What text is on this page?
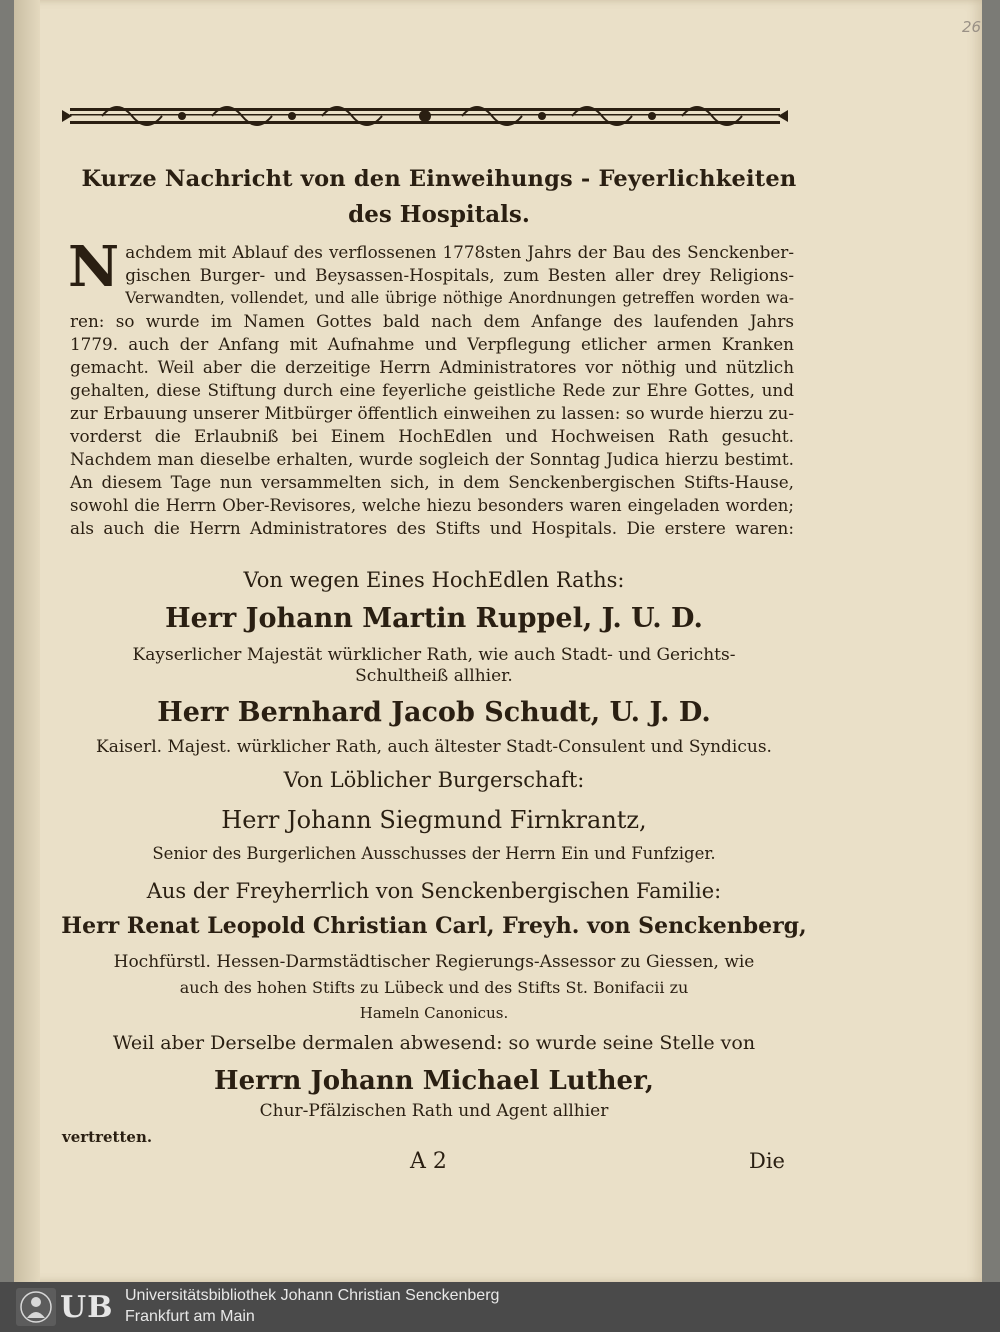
26
Kurze Nachricht von den Einweihungs - Feyerlichkeiten
des Hospitals.
N achdem mit Ablauf des verflossenen 1778sten Jahrs der Bau des Senckenber-
gischen Burger- und Beysassen-Hospitals, zum Besten aller drey Religions-
Verwandten, vollendet, und alle übrige nöthige Anordnungen getreffen worden wa-
ren: so wurde im Namen Gottes bald nach dem Anfange des laufenden Jahrs
1779. auch der Anfang mit Aufnahme und Verpflegung etlicher armen Kranken
gemacht. Weil aber die derzeitige Herrn Administratores vor nöthig und nützlich
gehalten, diese Stiftung durch eine feyerliche geistliche Rede zur Ehre Gottes, und
zur Erbauung unserer Mitbürger öffentlich einweihen zu lassen: so wurde hierzu zu-
vorderst die Erlaubniß bei Einem HochEdlen und Hochweisen Rath gesucht.
Nachdem man dieselbe erhalten, wurde sogleich der Sonntag Judica hierzu bestimt.
An diesem Tage nun versammelten sich, in dem Senckenbergischen Stifts-Hause,
sowohl die Herrn Ober-Revisores, welche hiezu besonders waren eingeladen worden;
als auch die Herrn Administratores des Stifts und Hospitals. Die erstere waren:
Von wegen Eines HochEdlen Raths:
Herr Johann Martin Ruppel, J. U. D.
Kayserlicher Majestät würklicher Rath, wie auch Stadt- und Gerichts-
Schultheiß allhier.
Herr Bernhard Jacob Schudt, U. J. D.
Kaiserl. Majest. würklicher Rath, auch ältester Stadt-Consulent und Syndicus.
Von Löblicher Burgerschaft:
Herr Johann Siegmund Firnkrantz,
Senior des Burgerlichen Ausschusses der Herrn Ein und Funfziger.
Aus der Freyherrlich von Senckenbergischen Familie:
Herr Renat Leopold Christian Carl, Freyh. von Senckenberg,
Hochfürstl. Hessen-Darmstädtischer Regierungs-Assessor zu Giessen, wie
auch des hohen Stifts zu Lübeck und des Stifts St. Bonifacii zu
Hameln Canonicus.
Weil aber Derselbe dermalen abwesend: so wurde seine Stelle von
Herrn Johann Michael Luther,
Chur-Pfälzischen Rath und Agent allhier
vertretten.
A 2	Die
UB Universitätsbibliothek Johann Christian Senckenberg
Frankfurt am Main
